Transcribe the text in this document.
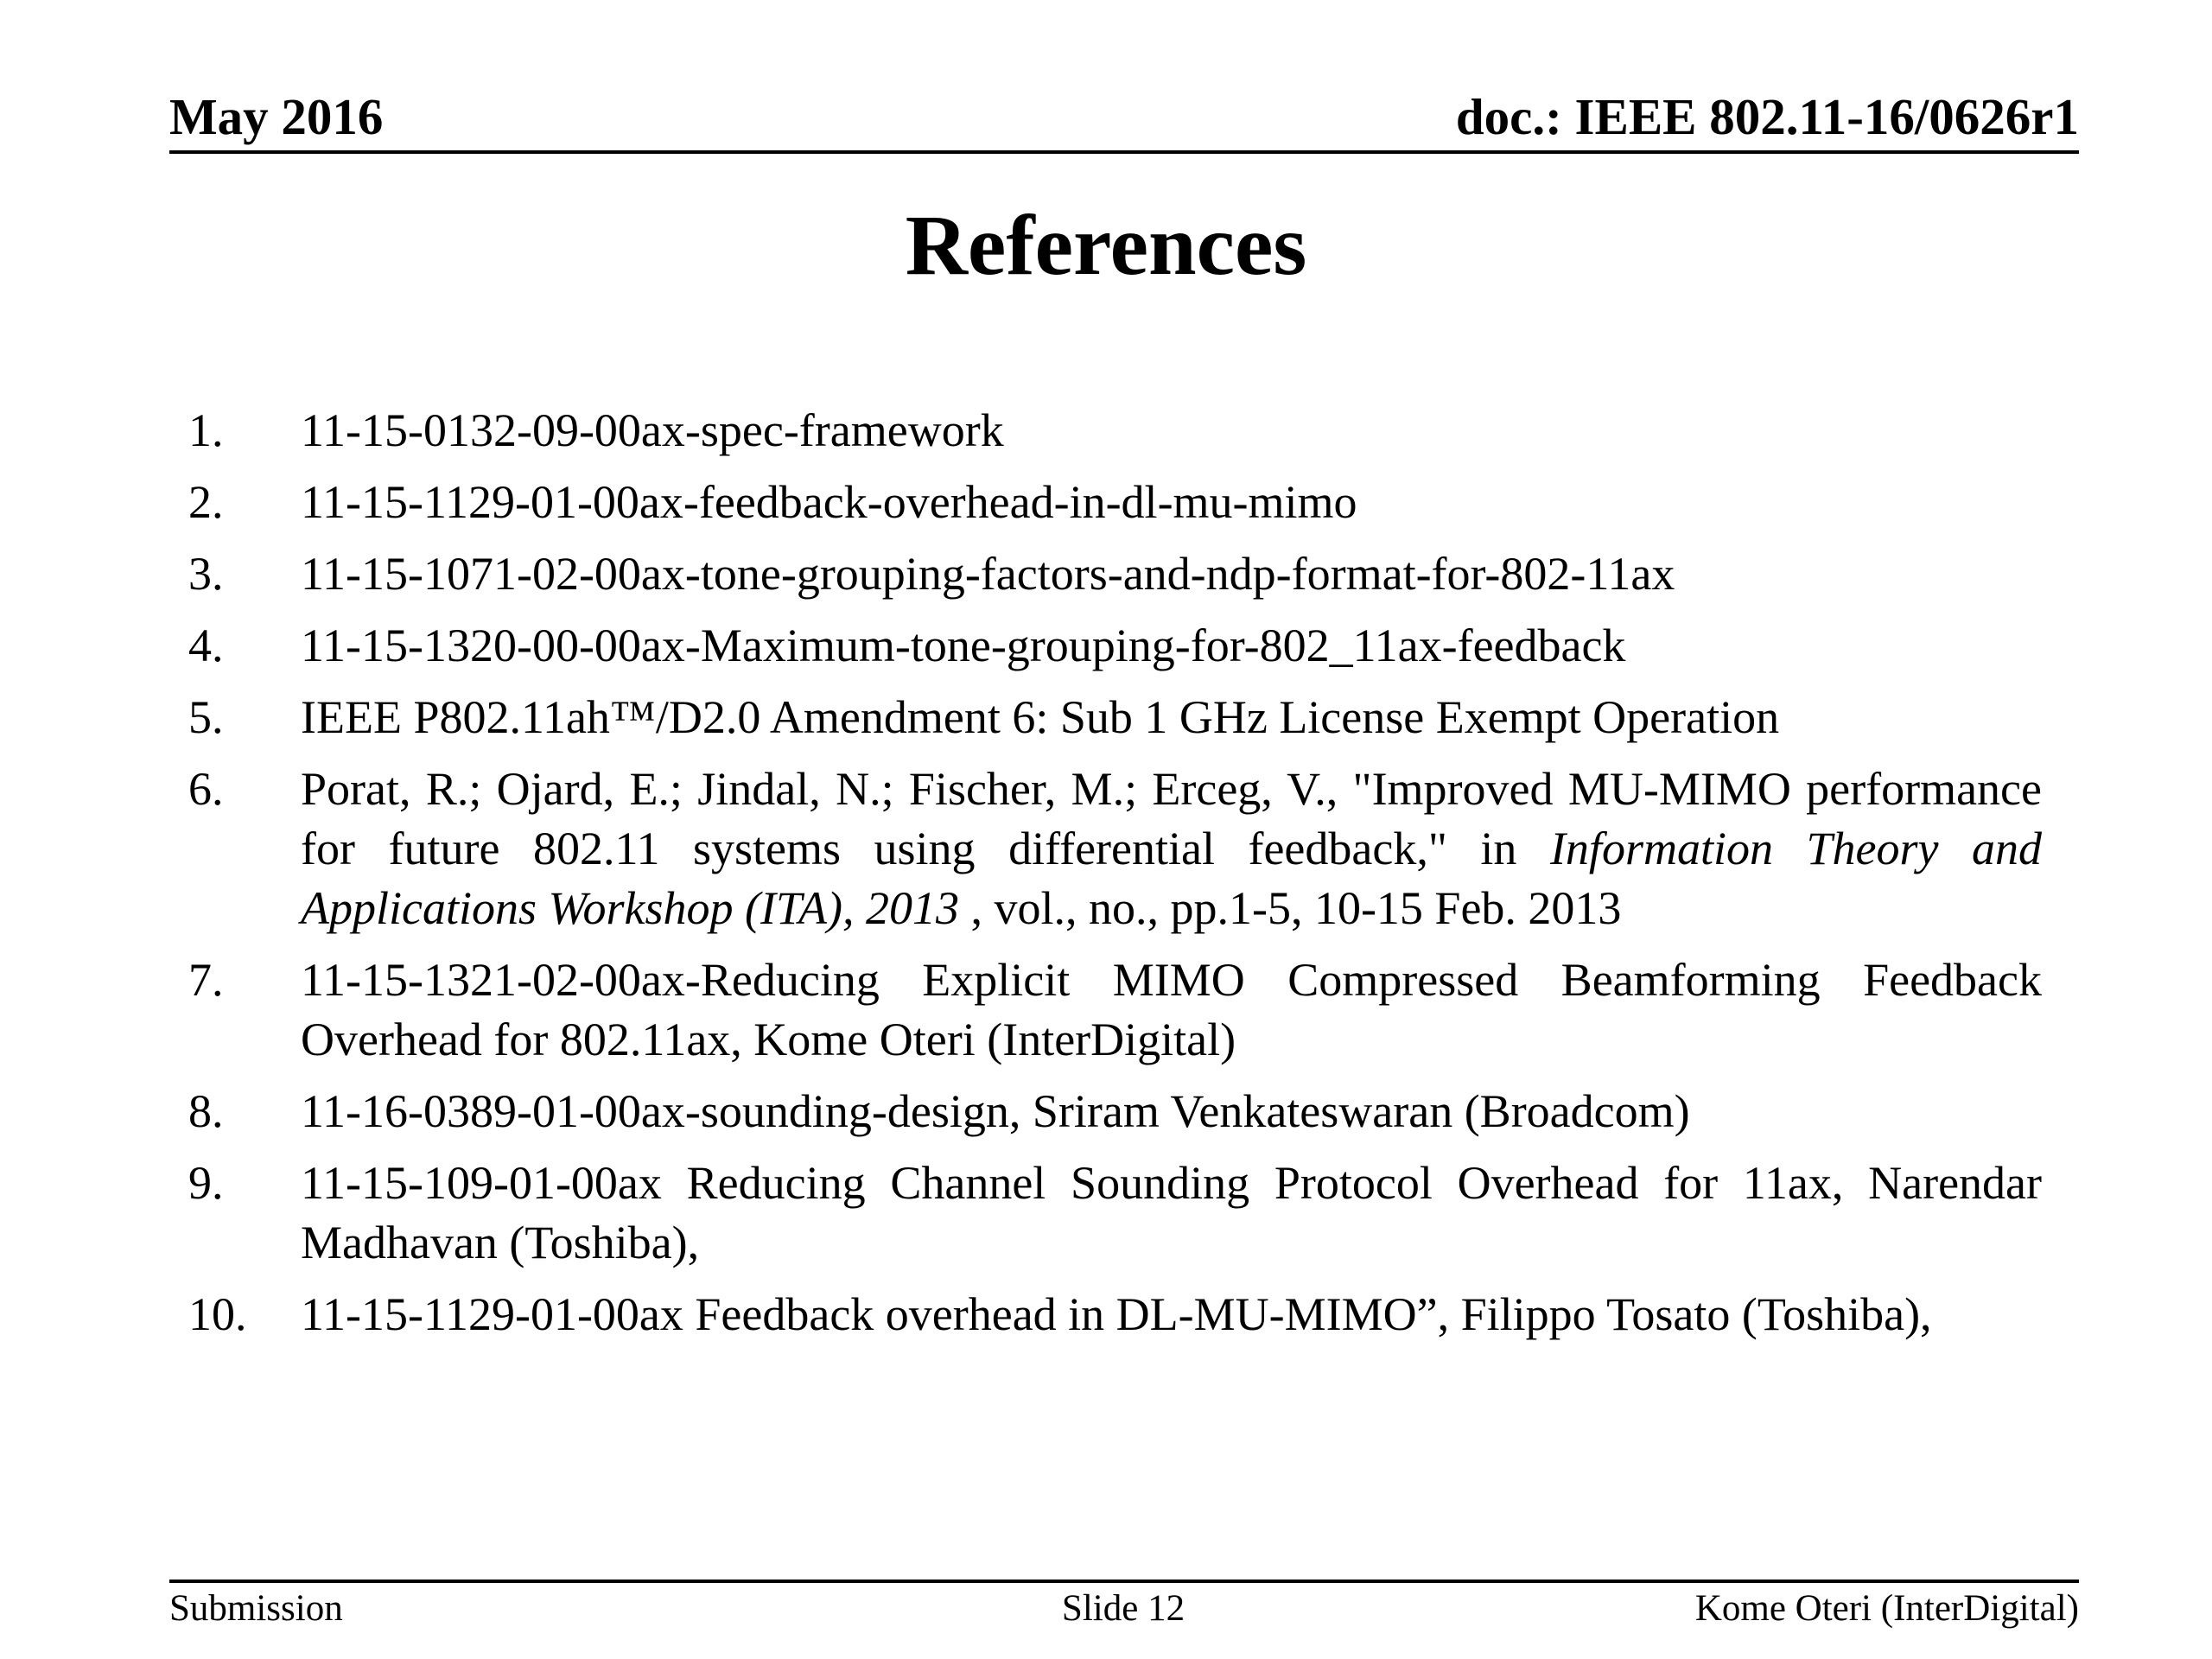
May 2016	doc.: IEEE 802.11-16/0626r1
References
1.	11-15-0132-09-00ax-spec-framework
2.	11-15-1129-01-00ax-feedback-overhead-in-dl-mu-mimo
3.	11-15-1071-02-00ax-tone-grouping-factors-and-ndp-format-for-802-11ax
4.	11-15-1320-00-00ax-Maximum-tone-grouping-for-802_11ax-feedback
5.	IEEE P802.11ah™/D2.0 Amendment 6: Sub 1 GHz License Exempt Operation
6.	Porat, R.; Ojard, E.; Jindal, N.; Fischer, M.; Erceg, V., "Improved MU-MIMO performance for future 802.11 systems using differential feedback," in Information Theory and Applications Workshop (ITA), 2013 , vol., no., pp.1-5, 10-15 Feb. 2013
7.	11-15-1321-02-00ax-Reducing Explicit MIMO Compressed Beamforming Feedback Overhead for 802.11ax, Kome Oteri (InterDigital)
8.	11-16-0389-01-00ax-sounding-design, Sriram Venkateswaran (Broadcom)
9.	11-15-109-01-00ax Reducing Channel Sounding Protocol Overhead for 11ax, Narendar Madhavan (Toshiba),
10.	11-15-1129-01-00ax Feedback overhead in DL-MU-MIMO”, Filippo Tosato (Toshiba),
Submission	Slide 12	Kome Oteri (InterDigital)
